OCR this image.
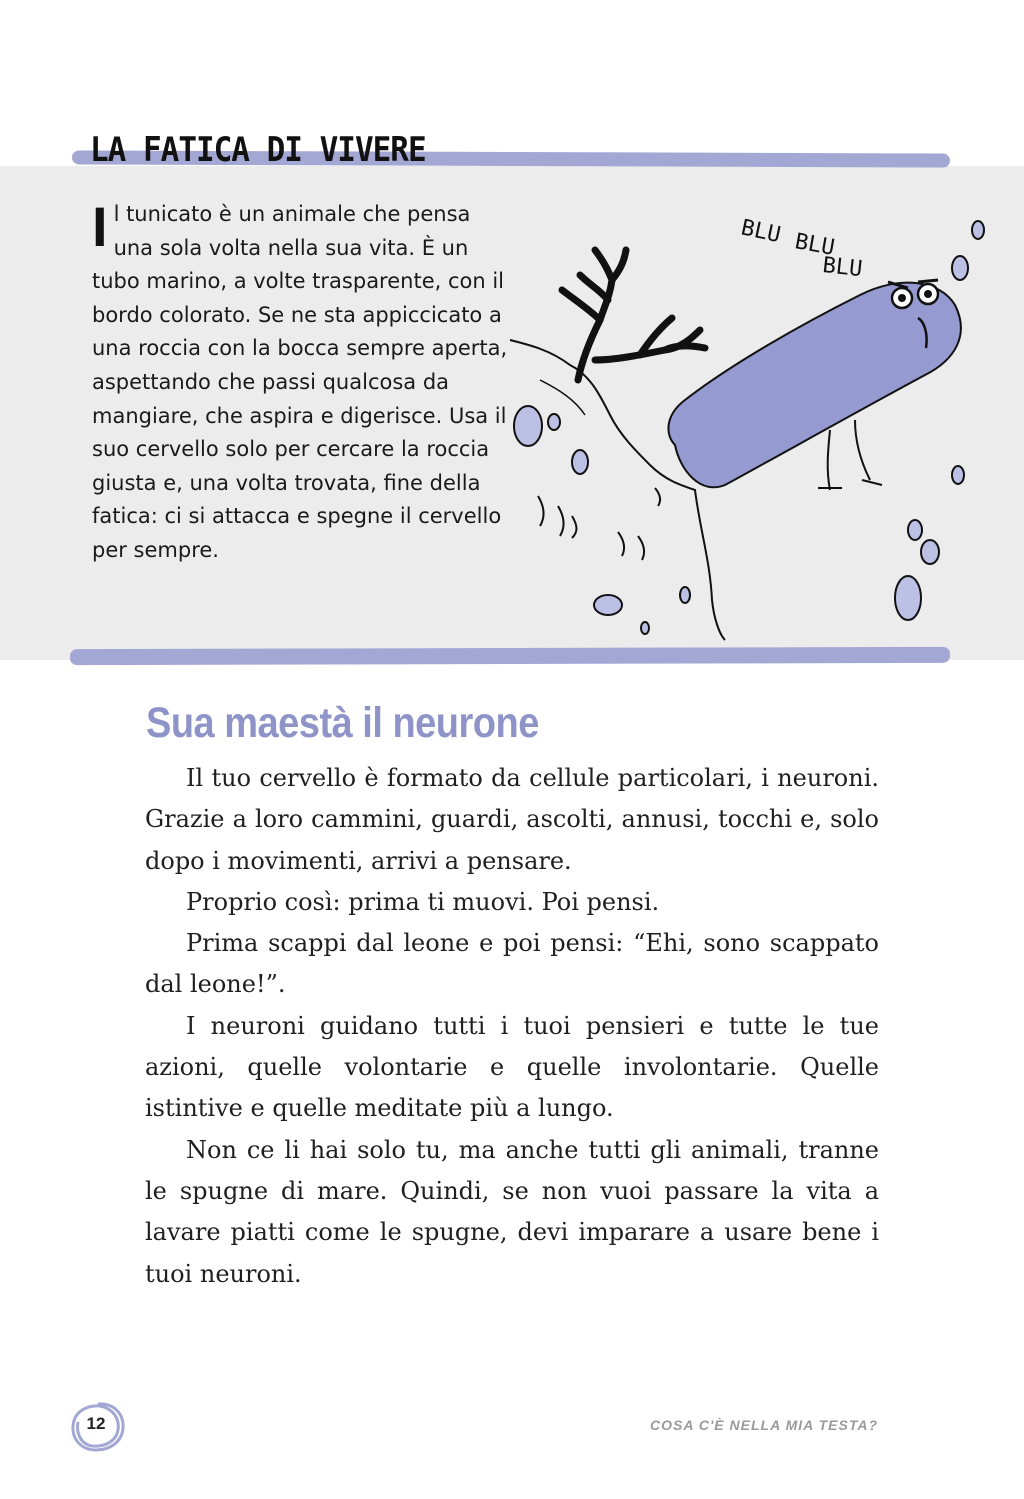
LA FATICA DI VIVERE
I l tunicato è un animale che pensa una sola volta nella sua vita. È un tubo marino, a volte trasparente, con il bordo colorato. Se ne sta appiccicato a una roccia con la bocca sempre aperta, aspettando che passi qualcosa da mangiare, che aspira e digerisce. Usa il suo cervello solo per cercare la roccia giusta e, una volta trovata, fine della fatica: ci si attacca e spegne il cervello per sempre.
BLU BLU
BLU
Sua maestà il neurone

Il tuo cervello è formato da cellule particolari, i neuroni. Grazie a loro cammini, guardi, ascolti, annusi, tocchi e, solo dopo i movimenti, arrivi a pensare.

Proprio così: prima ti muovi. Poi pensi.

Prima scappi dal leone e poi pensi: “Ehi, sono scappato dal leone!”.

I neuroni guidano tutti i tuoi pensieri e tutte le tue azioni, quelle volontarie e quelle involontarie. Quelle istintive e quelle meditate più a lungo.

Non ce li hai solo tu, ma anche tutti gli animali, tranne le spugne di mare. Quindi, se non vuoi passare la vita a lavare piatti come le spugne, devi imparare a usare bene i tuoi neuroni.

12	COSA C'È NELLA MIA TESTA?
